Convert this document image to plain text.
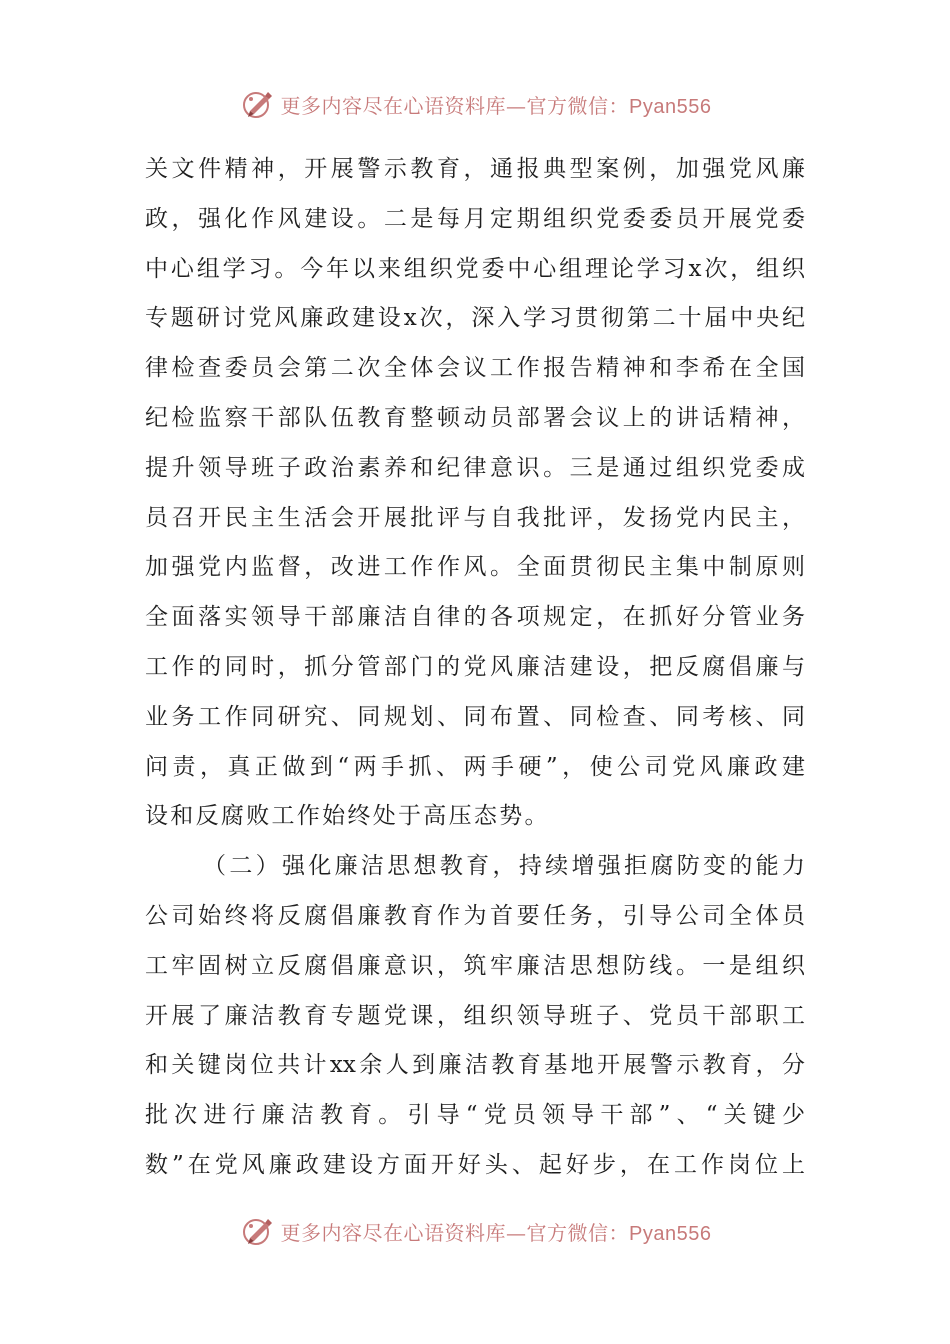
更多内容尽在心语资料库—官方微信：Pyan556
关文件精神，开展警示教育，通报典型案例，加强党风廉
政，强化作风建设。二是每月定期组织党委委员开展党委
中心组学习。今年以来组织党委中心组理论学习x次，组织
专题研讨党风廉政建设x次，深入学习贯彻第二十届中央纪
律检查委员会第二次全体会议工作报告精神和李希在全国
纪检监察干部队伍教育整顿动员部署会议上的讲话精神，
提升领导班子政治素养和纪律意识。三是通过组织党委成
员召开民主生活会开展批评与自我批评，发扬党内民主，
加强党内监督，改进工作作风。全面贯彻民主集中制原则
全面落实领导干部廉洁自律的各项规定，在抓好分管业务
工作的同时，抓分管部门的党风廉洁建设，把反腐倡廉与
业务工作同研究、同规划、同布置、同检查、同考核、同
问责，真正做到“两手抓、两手硬”，使公司党风廉政建
设和反腐败工作始终处于高压态势。
（二）强化廉洁思想教育，持续增强拒腐防变的能力
公司始终将反腐倡廉教育作为首要任务，引导公司全体员
工牢固树立反腐倡廉意识，筑牢廉洁思想防线。一是组织
开展了廉洁教育专题党课，组织领导班子、党员干部职工
和关键岗位共计xx余人到廉洁教育基地开展警示教育，分
批次进行廉洁教育。引导“党员领导干部”、“关键少
数”在党风廉政建设方面开好头、起好步，在工作岗位上
更多内容尽在心语资料库—官方微信：Pyan556
